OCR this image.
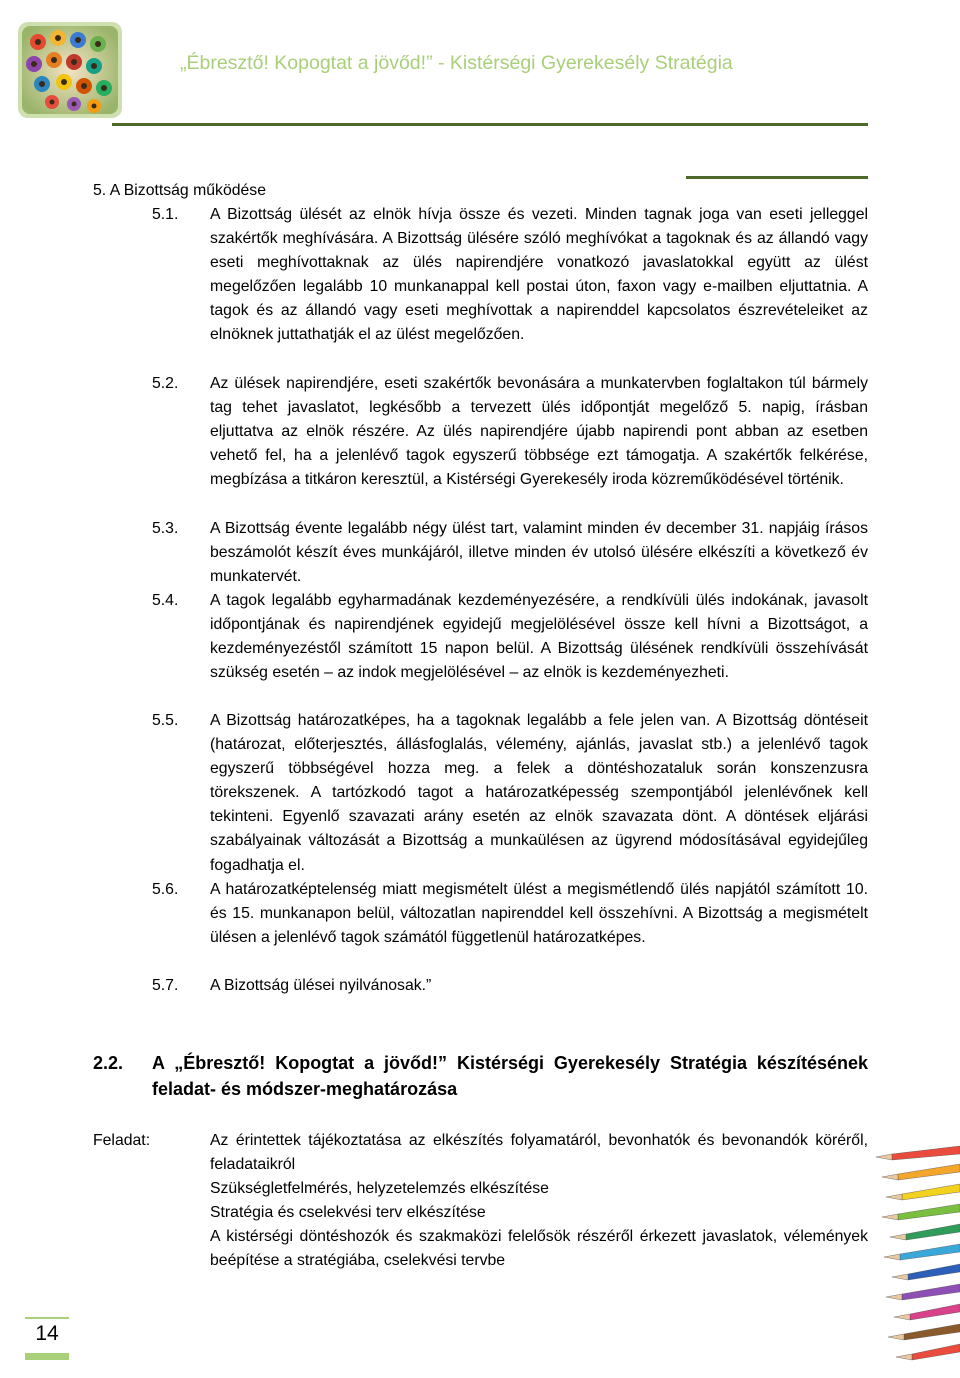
„Ébresztő! Kopogtat a jövőd!” - Kistérségi Gyerekesély Stratégia
5. A Bizottság működése
5.1. A Bizottság ülését az elnök hívja össze és vezeti. Minden tagnak joga van eseti jelleggel szakértők meghívására. A Bizottság ülésére szóló meghívókat a tagoknak és az állandó vagy eseti meghívottaknak az ülés napirendjére vonatkozó javaslatokkal együtt az ülést megelőzően legalább 10 munkanappal kell postai úton, faxon vagy e-mailben eljuttatnia. A tagok és az állandó vagy eseti meghívottak a napirenddel kapcsolatos észrevételeiket az elnöknek juttathatják el az ülést megelőzően.
5.2. Az ülések napirendjére, eseti szakértők bevonására a munkatervben foglaltakon túl bármely tag tehet javaslatot, legkésőbb a tervezett ülés időpontját megelőző 5. napig, írásban eljuttatva az elnök részére. Az ülés napirendjére újabb napirendi pont abban az esetben vehető fel, ha a jelenlévő tagok egyszerű többsége ezt támogatja. A szakértők felkérése, megbízása a titkáron keresztül, a Kistérségi Gyerekesély iroda közreműködésével történik.
5.3. A Bizottság évente legalább négy ülést tart, valamint minden év december 31. napjáig írásos beszámolót készít éves munkájáról, illetve minden év utolsó ülésére elkészíti a következő év munkatervét.
5.4. A tagok legalább egyharmadának kezdeményezésére, a rendkívüli ülés indokának, javasolt időpontjának és napirendjének egyidejű megjelölésével össze kell hívni a Bizottságot, a kezdeményezéstől számított 15 napon belül. A Bizottság ülésének rendkívüli összehívását szükség esetén – az indok megjelölésével – az elnök is kezdeményezheti.
5.5. A Bizottság határozatképes, ha a tagoknak legalább a fele jelen van. A Bizottság döntéseit (határozat, előterjesztés, állásfoglalás, vélemény, ajánlás, javaslat stb.) a jelenlévő tagok egyszerű többségével hozza meg. a felek a döntéshozataluk során konszenzusra törekszenek. A tartózkodó tagot a határozatképesség szempontjából jelenlévőnek kell tekinteni. Egyenlő szavazati arány esetén az elnök szavazata dönt. A döntések eljárási szabályainak változását a Bizottság a munkaülésen az ügyrend módosításával egyidejűleg fogadhatja el.
5.6. A határozatképtelenség miatt megismételt ülést a megismétlendő ülés napjától számított 10. és 15. munkanapon belül, változatlan napirenddel kell összehívni. A Bizottság a megismételt ülésen a jelenlévő tagok számától függetlenül határozatképes.
5.7. A Bizottság ülései nyilvánosak.”
2.2. A „Ébresztő! Kopogtat a jövőd!” Kistérségi Gyerekesély Stratégia készítésének feladat- és módszer-meghatározása
Feladat:	Az érintettek tájékoztatása az elkészítés folyamatáról, bevonhatók és bevonandók köréről, feladataikról
Szükségletfelmérés, helyzetelemzés elkészítése
Stratégia és cselekvési terv elkészítése
A kistérségi döntéshozók és szakmaközi felelősök részéről érkezett javaslatok, vélemények beépítése a stratégiába, cselekvési tervbe
14
